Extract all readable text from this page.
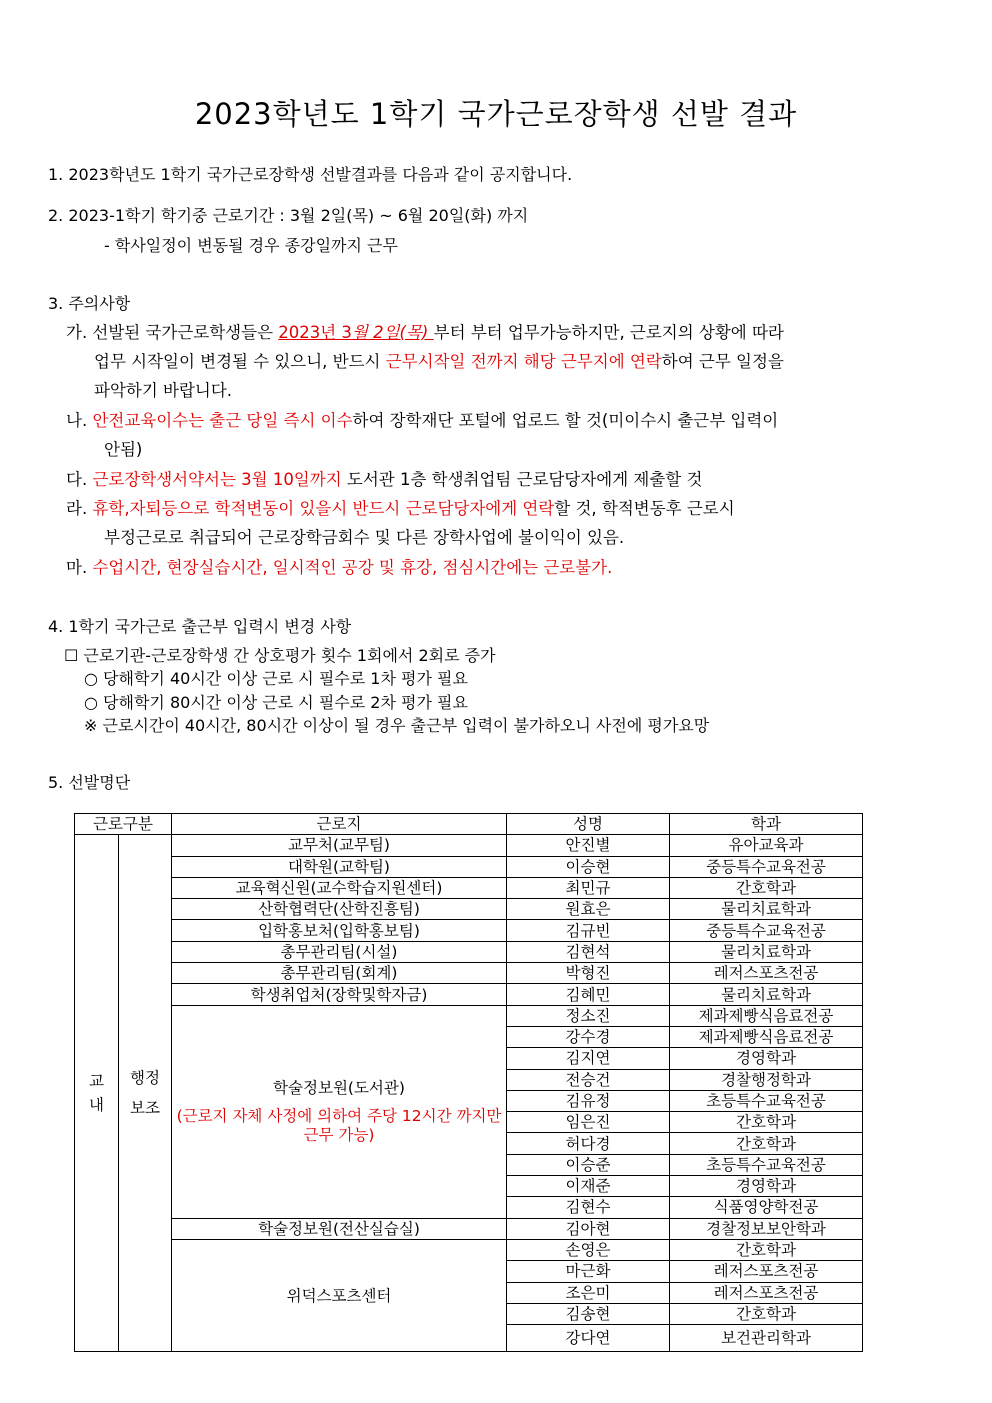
2023학년도 1학기 국가근로장학생 선발 결과
1. 2023학년도 1학기 국가근로장학생 선발결과를 다음과 같이 공지합니다.
2. 2023-1학기 학기중 근로기간 : 3월 2일(목) ~ 6월 20일(화) 까지
- 학사일정이 변동될 경우 종강일까지 근무
3. 주의사항
가. 선발된 국가근로학생들은 2023년 3월 2일(목) 부터 부터 업무가능하지만, 근로지의 상황에 따라
업무 시작일이 변경될 수 있으니, 반드시 근무시작일 전까지 해당 근무지에 연락하여 근무 일정을
파악하기 바랍니다.
나. 안전교육이수는 출근 당일 즉시 이수하여 장학재단 포털에 업로드 할 것(미이수시 출근부 입력이
안됨)
다. 근로장학생서약서는 3월 10일까지 도서관 1층 학생취업팀 근로담당자에게 제출할 것
라. 휴학,자퇴등으로 학적변동이 있을시 반드시 근로담당자에게 연락할 것, 학적변동후 근로시
부정근로로 취급되어 근로장학금회수 및 다른 장학사업에 불이익이 있음.
마. 수업시간, 현장실습시간, 일시적인 공강 및 휴강, 점심시간에는 근로불가.
4. 1학기 국가근로 출근부 입력시 변경 사항
☐ 근로기관-근로장학생 간 상호평가 횟수 1회에서 2회로 증가
○ 당해학기 40시간 이상 근로 시 필수로 1차 평가 필요
○ 당해학기 80시간 이상 근로 시 필수로 2차 평가 필요
※ 근로시간이 40시간, 80시간 이상이 될 경우 출근부 입력이 불가하오니 사전에 평가요망
5. 선발명단
근로구분		근로지	성명	학과

교
내	행정
보조	교무처(교무팀)	안진별	유아교육과
		대학원(교학팀)	이승현	중등특수교육전공
		교육혁신원(교수학습지원센터)	최민규	간호학과
		산학협력단(산학진흥팀)	원효은	물리치료학과
		입학홍보처(입학홍보팀)	김규빈	중등특수교육전공
		총무관리팀(시설)	김현석	물리치료학과
		총무관리팀(회계)	박형진	레저스포츠전공
		학생취업처(장학및학자금)	김혜민	물리치료학과

		학술정보원(도서관)
(근로지 자체 사정에 의하여 주당 12시간 까지만 근무 가능)	정소진	제과제빵식음료전공
			강수경	제과제빵식음료전공
			김지연	경영학과
			전승건	경찰행정학과
			김유정	초등특수교육전공
			임은진	간호학과
			허다경	간호학과
			이승준	초등특수교육전공
			이재준	경영학과
			김현수	식품영양학전공
		학술정보원(전산실습실)	김아현	경찰정보보안학과
		위덕스포츠센터	손영은	간호학과
			마근화	레저스포츠전공
			조은미	레저스포츠전공
			김송현	간호학과
			강다연	보건관리학과
